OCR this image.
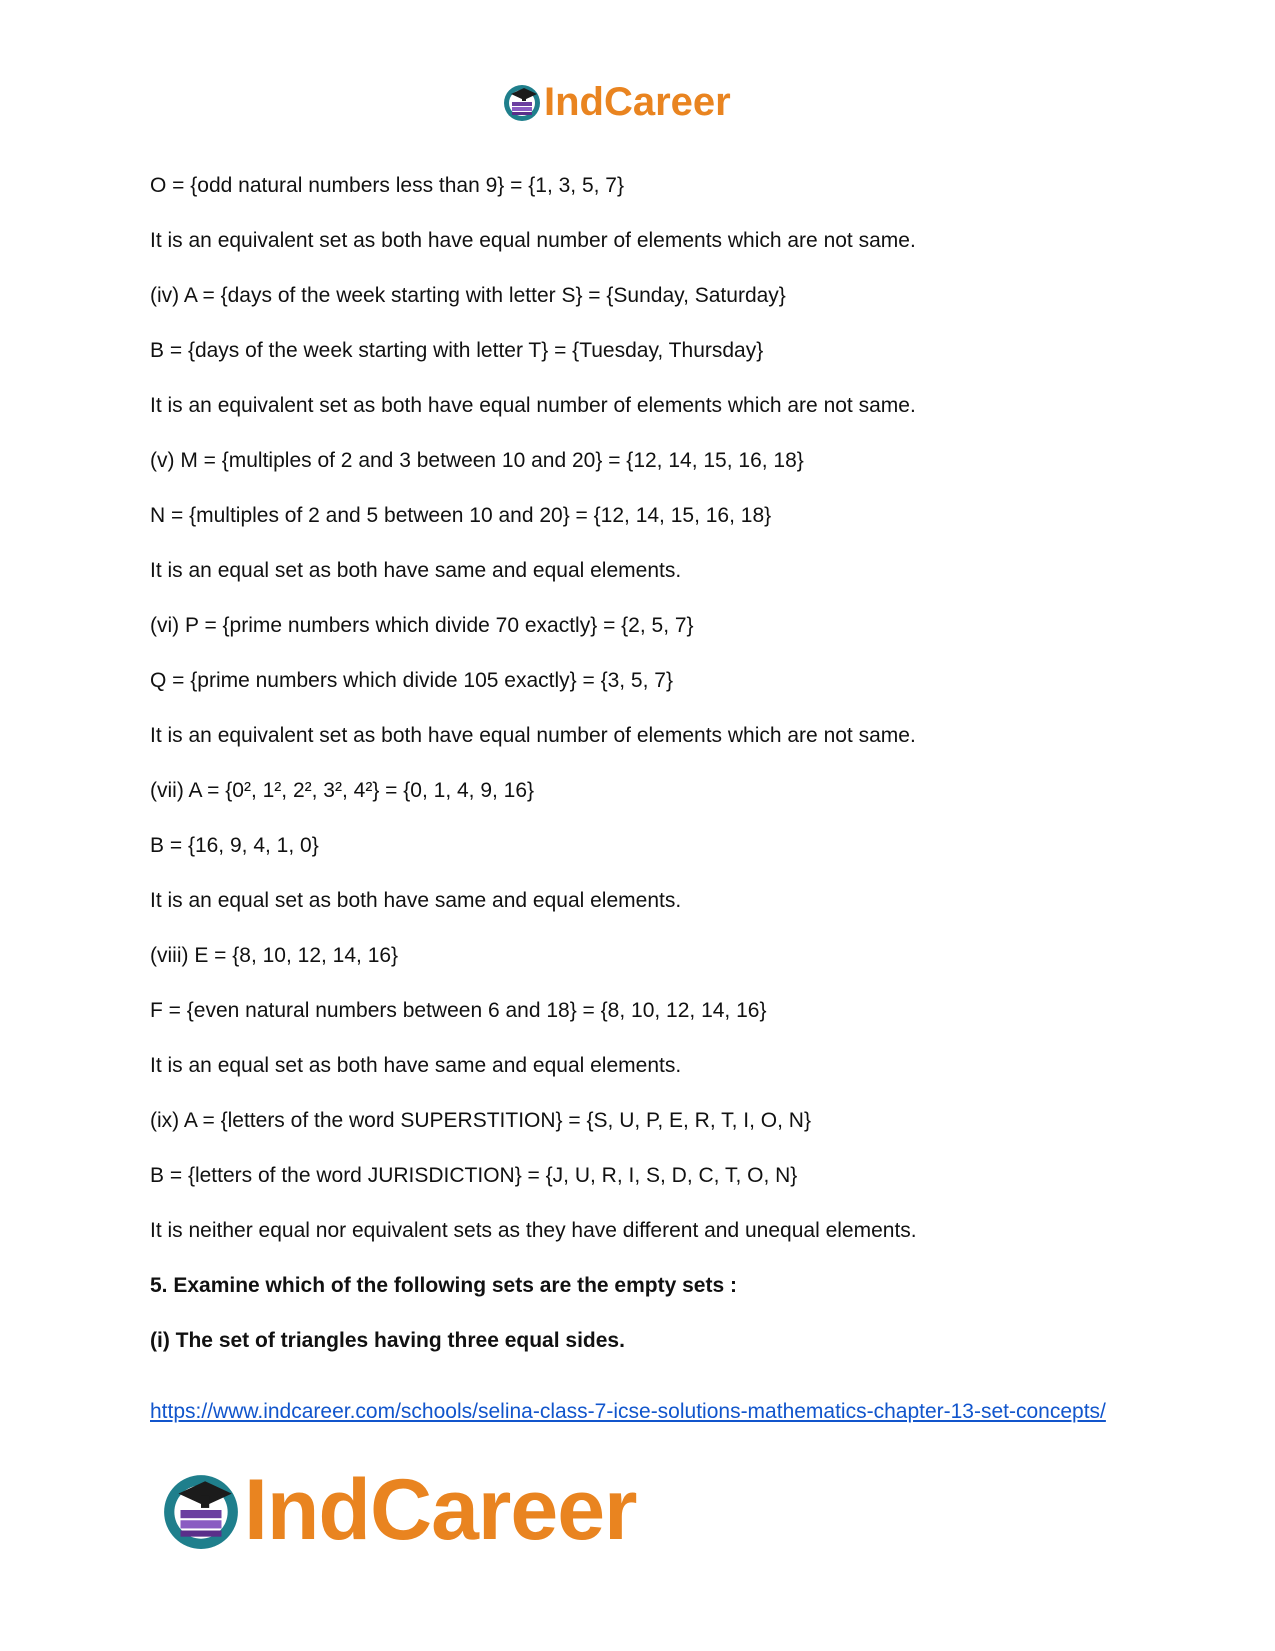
IndCareer

O = {odd natural numbers less than 9} = {1, 3, 5, 7}

It is an equivalent set as both have equal number of elements which are not same.

(iv) A = {days of the week starting with letter S} = {Sunday, Saturday}

B = {days of the week starting with letter T} = {Tuesday, Thursday}

It is an equivalent set as both have equal number of elements which are not same.

(v) M = {multiples of 2 and 3 between 10 and 20} = {12, 14, 15, 16, 18}

N = {multiples of 2 and 5 between 10 and 20} = {12, 14, 15, 16, 18}

It is an equal set as both have same and equal elements.

(vi) P = {prime numbers which divide 70 exactly} = {2, 5, 7}

Q = {prime numbers which divide 105 exactly} = {3, 5, 7}

It is an equivalent set as both have equal number of elements which are not same.

(vii) A = {0², 1², 2², 3², 4²} = {0, 1, 4, 9, 16}

B = {16, 9, 4, 1, 0}

It is an equal set as both have same and equal elements.

(viii) E = {8, 10, 12, 14, 16}

F = {even natural numbers between 6 and 18} = {8, 10, 12, 14, 16}

It is an equal set as both have same and equal elements.

(ix) A = {letters of the word SUPERSTITION} = {S, U, P, E, R, T, I, O, N}

B = {letters of the word JURISDICTION} = {J, U, R, I, S, D, C, T, O, N}

It is neither equal nor equivalent sets as they have different and unequal elements.

5. Examine which of the following sets are the empty sets :

(i) The set of triangles having three equal sides.

https://www.indcareer.com/schools/selina-class-7-icse-solutions-mathematics-chapter-13-set-concepts/
IndCareer
